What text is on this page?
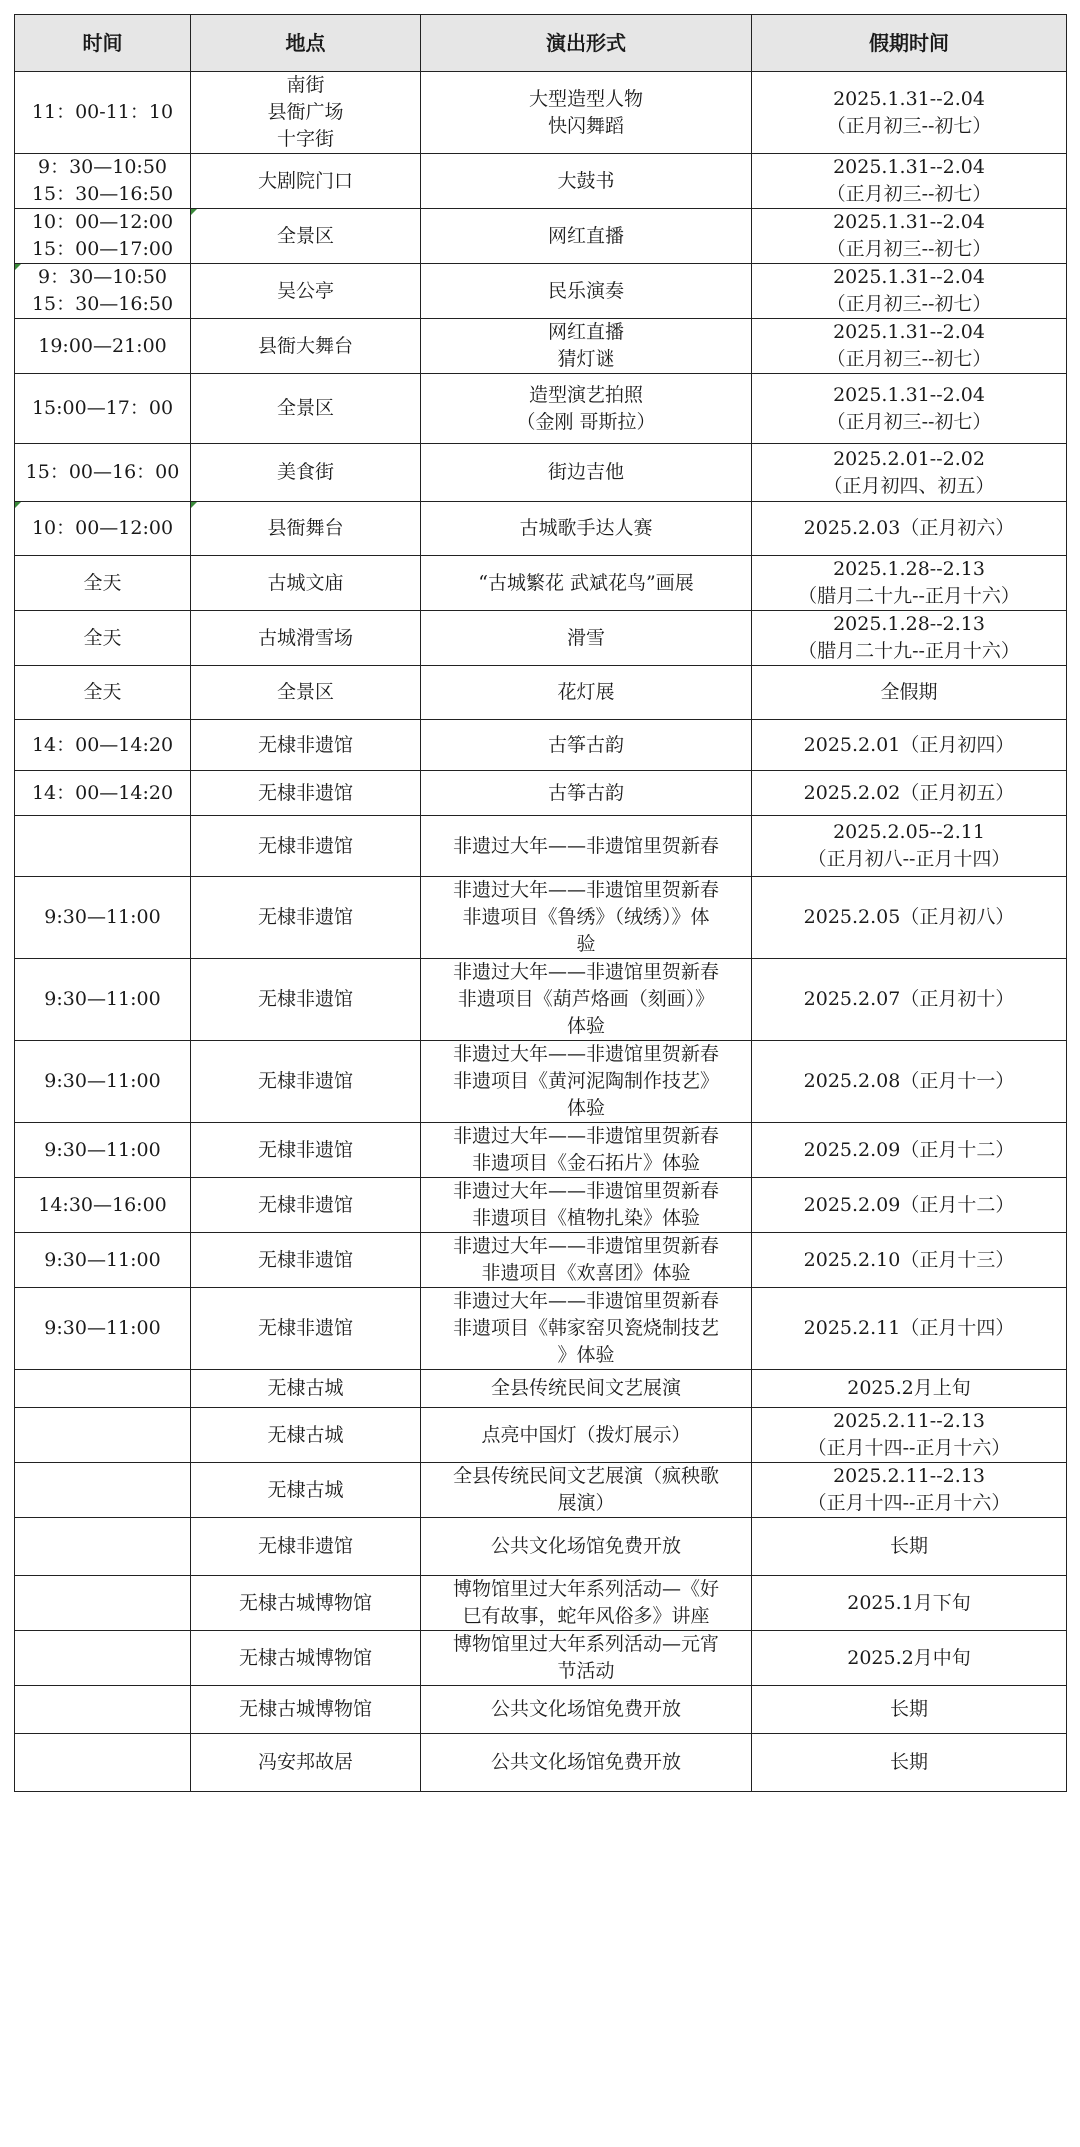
时间	地点	演出形式	假期时间

11：00-11：10	南街
县衙广场
十字街	大型造型人物
快闪舞蹈	2025.1.31--2.04
（正月初三--初七）

9：30—10:50
15：30—16:50	大剧院门口	大鼓书	2025.1.31--2.04
（正月初三--初七）

10：00—12:00
15：00—17:00	全景区	网红直播	2025.1.31--2.04
（正月初三--初七）

9：30—10:50
15：30—16:50	吴公亭	民乐演奏	2025.1.31--2.04
（正月初三--初七）

19:00—21:00	县衙大舞台	网红直播
猜灯谜	2025.1.31--2.04
（正月初三--初七）

15:00—17：00	全景区	造型演艺拍照
（金刚 哥斯拉）	2025.1.31--2.04
（正月初三--初七）

15：00—16：00	美食街	街边吉他	2025.2.01--2.02
（正月初四、初五）

10：00—12:00	县衙舞台	古城歌手达人赛	2025.2.03（正月初六）

全天	古城文庙	“古城繁花 武斌花鸟”画展	2025.1.28--2.13
（腊月二十九--正月十六）

全天	古城滑雪场	滑雪	2025.1.28--2.13
（腊月二十九--正月十六）

全天	全景区	花灯展	全假期

14：00—14:20	无棣非遗馆	古筝古韵	2025.2.01（正月初四）

14：00—14:20	无棣非遗馆	古筝古韵	2025.2.02（正月初五）

	无棣非遗馆	非遗过大年——非遗馆里贺新春	2025.2.05--2.11
（正月初八--正月十四）

9:30—11:00	无棣非遗馆	非遗过大年——非遗馆里贺新春
非遗项目《鲁绣》（绒绣）》体
验	2025.2.05（正月初八）

9:30—11:00	无棣非遗馆	非遗过大年——非遗馆里贺新春
非遗项目《葫芦烙画（刻画）》
体验	2025.2.07（正月初十）

9:30—11:00	无棣非遗馆	非遗过大年——非遗馆里贺新春
非遗项目《黄河泥陶制作技艺》
体验	2025.2.08（正月十一）

9:30—11:00	无棣非遗馆	非遗过大年——非遗馆里贺新春
非遗项目《金石拓片》体验	2025.2.09（正月十二）

14:30—16:00	无棣非遗馆	非遗过大年——非遗馆里贺新春
非遗项目《植物扎染》体验	2025.2.09（正月十二）

9:30—11:00	无棣非遗馆	非遗过大年——非遗馆里贺新春
非遗项目《欢喜团》体验	2025.2.10（正月十三）

9:30—11:00	无棣非遗馆	非遗过大年——非遗馆里贺新春
非遗项目《韩家窑贝瓷烧制技艺
》体验	2025.2.11（正月十四）

	无棣古城	全县传统民间文艺展演	2025.2月上旬

	无棣古城	点亮中国灯（拨灯展示）	2025.2.11--2.13
（正月十四--正月十六）

	无棣古城	全县传统民间文艺展演（疯秧歌
展演）	2025.2.11--2.13
（正月十四--正月十六）

	无棣非遗馆	公共文化场馆免费开放	长期

	无棣古城博物馆	博物馆里过大年系列活动—《好
巳有故事，蛇年风俗多》讲座	2025.1月下旬

	无棣古城博物馆	博物馆里过大年系列活动—元宵
节活动	2025.2月中旬

	无棣古城博物馆	公共文化场馆免费开放	长期

	冯安邦故居	公共文化场馆免费开放	长期
